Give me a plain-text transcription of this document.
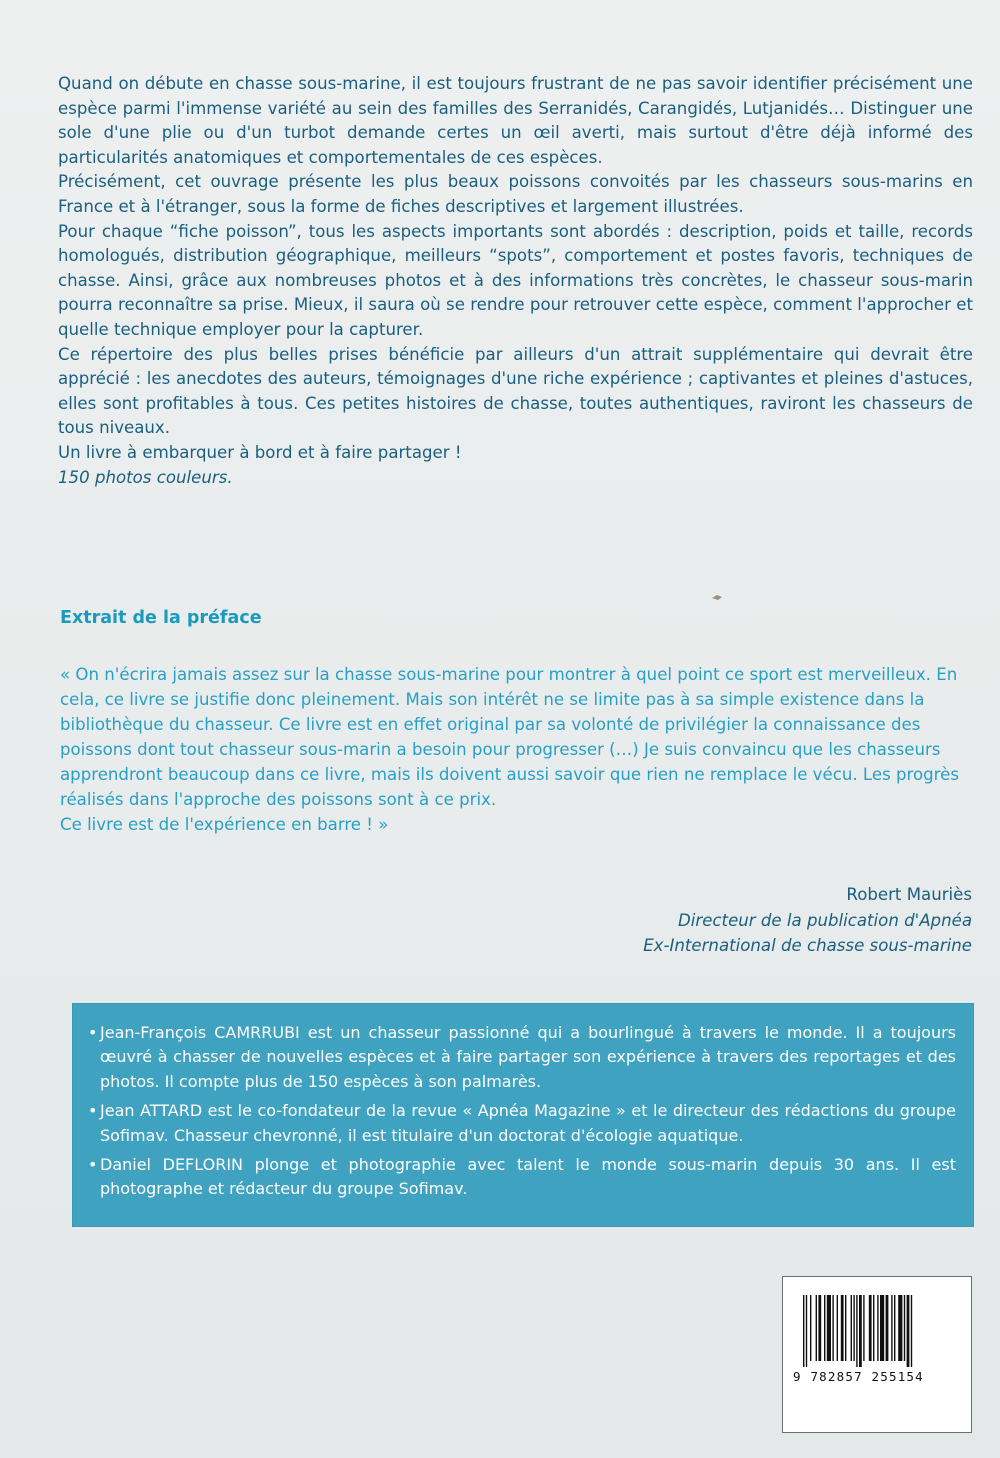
Quand on débute en chasse sous-marine, il est toujours frustrant de ne pas savoir identifier précisément une espèce parmi l'immense variété au sein des familles des Serranidés, Carangidés, Lutjanidés… Distinguer une sole d'une plie ou d'un turbot demande certes un œil averti, mais surtout d'être déjà informé des particularités anatomiques et comportementales de ces espèces.

Précisément, cet ouvrage présente les plus beaux poissons convoités par les chasseurs sous-marins en France et à l'étranger, sous la forme de fiches descriptives et largement illustrées.

Pour chaque “fiche poisson”, tous les aspects importants sont abordés : description, poids et taille, records homologués, distribution géographique, meilleurs “spots”, comportement et postes favoris, techniques de chasse. Ainsi, grâce aux nombreuses photos et à des informations très concrètes, le chasseur sous-marin pourra reconnaître sa prise. Mieux, il saura où se rendre pour retrouver cette espèce, comment l'approcher et quelle technique employer pour la capturer.

Ce répertoire des plus belles prises bénéficie par ailleurs d'un attrait supplémentaire qui devrait être apprécié : les anecdotes des auteurs, témoignages d'une riche expérience ; captivantes et pleines d'astuces, elles sont profitables à tous. Ces petites histoires de chasse, toutes authentiques, raviront les chasseurs de tous niveaux.

Un livre à embarquer à bord et à faire partager !

150 photos couleurs.

Extrait de la préface

« On n'écrira jamais assez sur la chasse sous-marine pour montrer à quel point ce sport est merveilleux. En cela, ce livre se justifie donc pleinement. Mais son intérêt ne se limite pas à sa simple existence dans la bibliothèque du chasseur. Ce livre est en effet original par sa volonté de privilégier la connaissance des poissons dont tout chasseur sous-marin a besoin pour progresser (…) Je suis convaincu que les chasseurs apprendront beaucoup dans ce livre, mais ils doivent aussi savoir que rien ne remplace le vécu. Les progrès réalisés dans l'approche des poissons sont à ce prix.

Ce livre est de l'expérience en barre ! »

Robert Mauriès
Directeur de la publication d'Apnéa
Ex-International de chasse sous-marine
• Jean-François CAMRRUBI est un chasseur passionné qui a bourlingué à travers le monde. Il a toujours œuvré à chasser de nouvelles espèces et à faire partager son expérience à travers des reportages et des photos. Il compte plus de 150 espèces à son palmarès.
• Jean ATTARD est le co-fondateur de la revue « Apnéa Magazine » et le directeur des rédactions du groupe Sofimav. Chasseur chevronné, il est titulaire d'un doctorat d'écologie aquatique.
• Daniel DEFLORIN plonge et photographie avec talent le monde sous-marin depuis 30 ans. Il est photographe et rédacteur du groupe Sofimav.
9 782857 255154
